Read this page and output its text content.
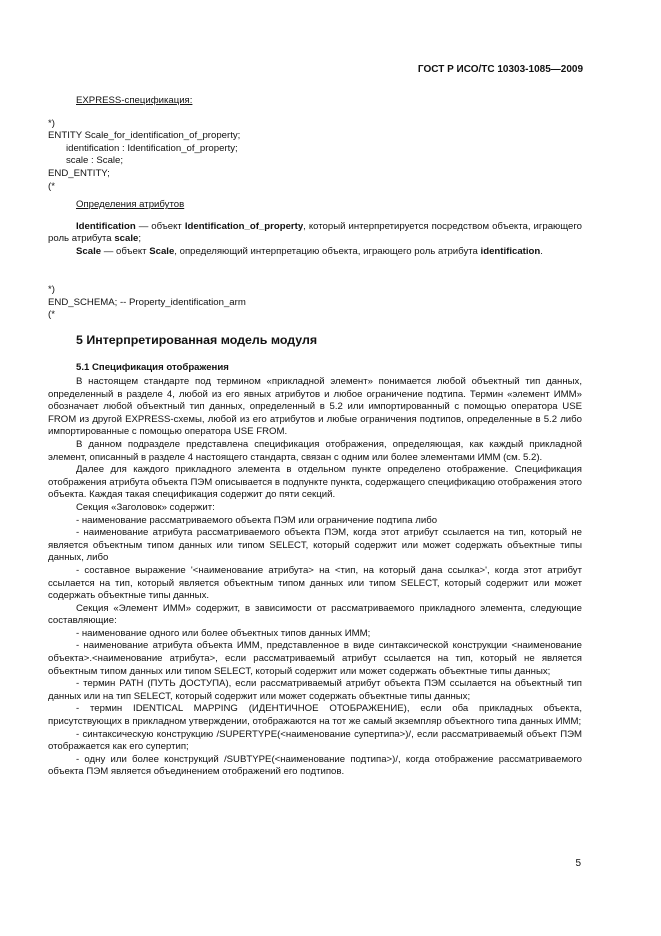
ГОСТ Р ИСО/ТС 10303-1085—2009
EXPRESS-спецификация:
*)
ENTITY Scale_for_identification_of_property;
identification : Identification_of_property;
scale : Scale;
END_ENTITY;
(*
Определения атрибутов

Identification — объект Identification_of_property, который интерпретируется посредством объекта, играющего роль атрибута scale;

Scale — объект Scale, определяющий интерпретацию объекта, играющего роль атрибута identification.

*)
END_SCHEMA; -- Property_identification_arm
(*
5 Интерпретированная модель модуля
5.1 Спецификация отображения

В настоящем стандарте под термином «прикладной элемент» понимается любой объектный тип данных, определенный в разделе 4, любой из его явных атрибутов и любое ограничение подтипа. Термин «элемент ИММ» обозначает любой объектный тип данных, определенный в 5.2 или импортированный с помощью оператора USE FROM из другой EXPRESS-схемы, любой из его атрибутов и любые ограничения подтипов, определенные в 5.2 либо импортированные с помощью оператора USE FROM.

В данном подразделе представлена спецификация отображения, определяющая, как каждый прикладной элемент, описанный в разделе 4 настоящего стандарта, связан с одним или более элементами ИММ (см. 5.2).

Далее для каждого прикладного элемента в отдельном пункте определено отображение. Спецификация отображения атрибута объекта ПЭМ описывается в подпункте пункта, содержащего спецификацию отображения этого объекта. Каждая такая спецификация содержит до пяти секций.

Секция «Заголовок» содержит:

- наименование рассматриваемого объекта ПЭМ или ограничение подтипа либо

- наименование атрибута рассматриваемого объекта ПЭМ, когда этот атрибут ссылается на тип, который не является объектным типом данных или типом SELECT, который содержит или может содержать объектные типы данных, либо

- составное выражение '<наименование атрибута> на <тип, на который дана ссылка>', когда этот атрибут ссылается на тип, который является объектным типом данных или типом SELECT, который содержит или может содержать объектные типы данных.

Секция «Элемент ИММ» содержит, в зависимости от рассматриваемого прикладного элемента, следующие составляющие:

- наименование одного или более объектных типов данных ИММ;

- наименование атрибута объекта ИММ, представленное в виде синтаксической конструкции <наименование объекта>.<наименование атрибута>, если рассматриваемый атрибут ссылается на тип, который не является объектным типом данных или типом SELECT, который содержит или может содержать объектные типы данных;

- термин PATH (ПУТЬ ДОСТУПА), если рассматриваемый атрибут объекта ПЭМ ссылается на объектный тип данных или на тип SELECT, который содержит или может содержать объектные типы данных;

- термин IDENTICAL MAPPING (ИДЕНТИЧНОЕ ОТОБРАЖЕНИЕ), если оба прикладных объекта, присутствующих в прикладном утверждении, отображаются на тот же самый экземпляр объектного типа данных ИММ;

- синтаксическую конструкцию /SUPERTYPE(<наименование супертипа>)/, если рассматриваемый объект ПЭМ отображается как его супертип;

- одну или более конструкций /SUBTYPE(<наименование подтипа>)/, когда отображение рассматриваемого объекта ПЭМ является объединением отображений его подтипов.

5
